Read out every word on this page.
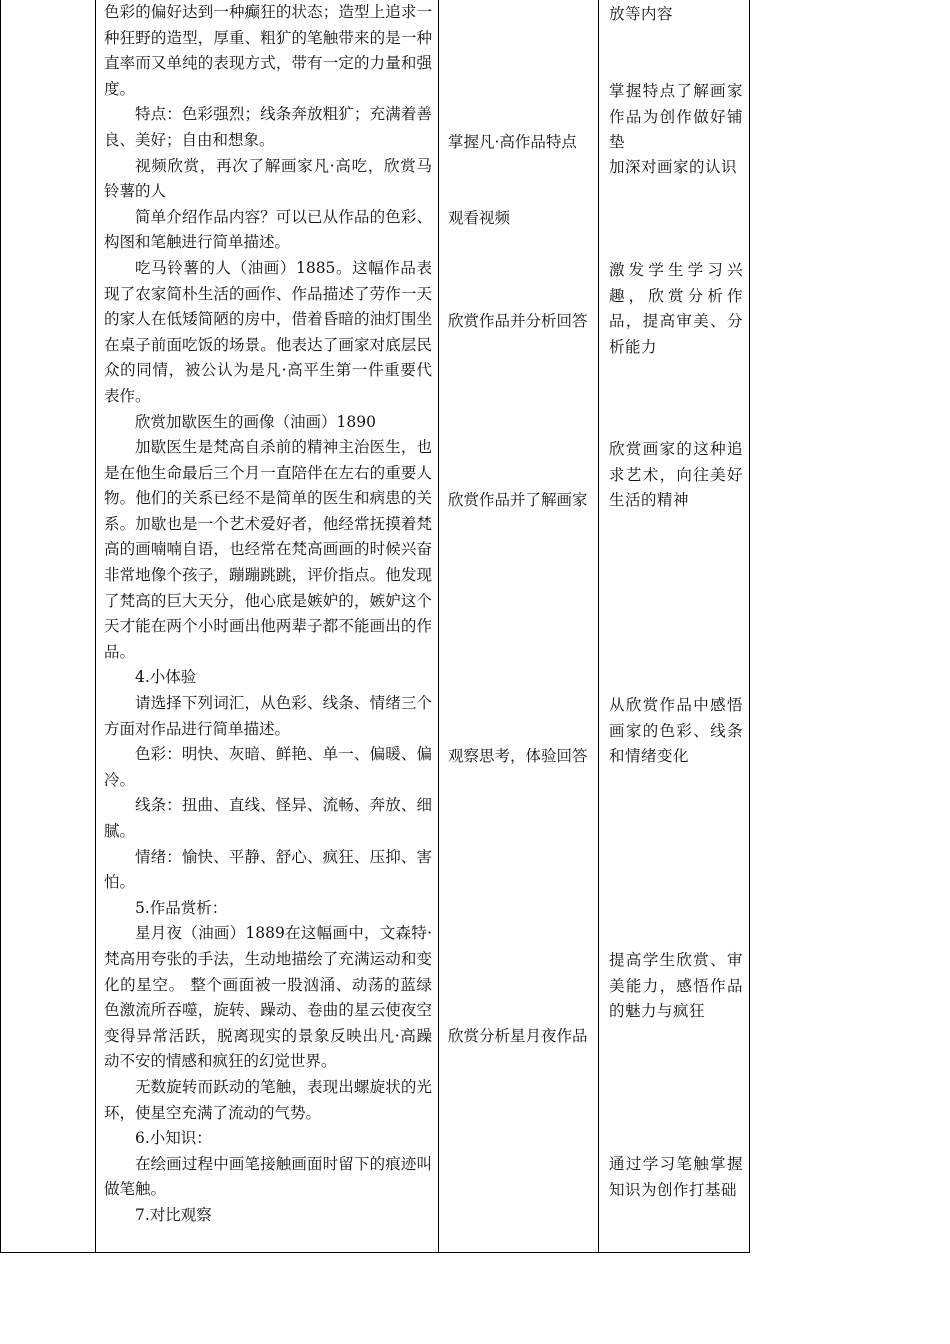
色彩的偏好达到一种癫狂的状态；造型上追求一种狂野的造型，厚重、粗犷的笔触带来的是一种直率而又单纯的表现方式，带有一定的力量和强度。

特点：色彩强烈；线条奔放粗犷；充满着善良、美好；自由和想象。

视频欣赏，再次了解画家凡·高吃，欣赏马铃薯的人

简单介绍作品内容？可以已从作品的色彩、构图和笔触进行简单描述。

吃马铃薯的人（油画）1885。这幅作品表现了农家简朴生活的画作、作品描述了劳作一天的家人在低矮简陋的房中，借着昏暗的油灯围坐在桌子前面吃饭的场景。他表达了画家对底层民众的同情，被公认为是凡·高平生第一件重要代表作。

欣赏加歇医生的画像（油画）1890

加歇医生是梵高自杀前的精神主治医生，也是在他生命最后三个月一直陪伴在左右的重要人物。他们的关系已经不是简单的医生和病患的关系。加歇也是一个艺术爱好者，他经常抚摸着梵高的画喃喃自语，也经常在梵高画画的时候兴奋非常地像个孩子，蹦蹦跳跳，评价指点。他发现了梵高的巨大天分，他心底是嫉妒的，嫉妒这个天才能在两个小时画出他两辈子都不能画出的作品。

4.小体验

请选择下列词汇，从色彩、线条、情绪三个方面对作品进行简单描述。

色彩：明快、灰暗、鲜艳、单一、偏暖、偏冷。

线条：扭曲、直线、怪异、流畅、奔放、细腻。

情绪：愉快、平静、舒心、疯狂、压抑、害怕。

5.作品赏析：

星月夜（油画）1889在这幅画中，文森特·梵高用夸张的手法，生动地描绘了充满运动和变化的星空。 整个画面被一股汹涌、动荡的蓝绿色激流所吞噬，旋转、躁动、卷曲的星云使夜空变得异常活跃，脱离现实的景象反映出凡·高躁动不安的情感和疯狂的幻觉世界。

无数旋转而跃动的笔触，表现出螺旋状的光环，使星空充满了流动的气势。

6.小知识：

在绘画过程中画笔接触画面时留下的痕迹叫做笔触。

7.对比观察

掌握凡·高作品特点

观看视频

欣赏作品并分析回答

欣赏作品并了解画家

观察思考，体验回答

欣赏分析星月夜作品

放等内容

掌握特点了解画家作品为创作做好铺垫

加深对画家的认识

激发学生学习兴趣，欣赏分析作品，提高审美、分析能力

欣赏画家的这种追求艺术，向往美好生活的精神

从欣赏作品中感悟画家的色彩、线条和情绪变化

提高学生欣赏、审美能力，感悟作品的魅力与疯狂

通过学习笔触掌握知识为创作打基础
